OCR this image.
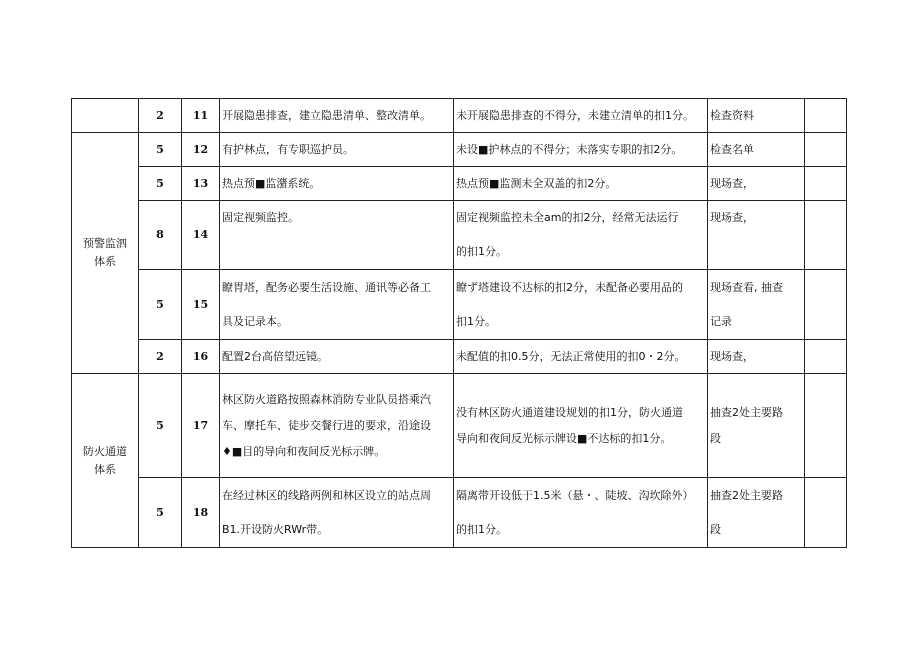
	2	11	开展隐患排查，建立隐患清单、整改清单。	未开展隐患排查的不得分，未建立清单的扣1分。	检查资料	

预警监泗
体系	5	12	有护林点，有专职巡护员。	未设■护林点的不得分；未落实专职的扣2分。	检查名单	

	5	13	热点预■监潴系统。	热点预■监测未全双盖的扣2分。	现场查，	

	8	14	固定视频监控。	固定视频监控未全am的扣2分，经常无法运行
的扣1分。	现场查，	

	5	15	瞭胃塔，配务必要生活设施、通讯等必备工
具及记录本。	瞭ず塔建设不达标的扣2分，未配备必要用品的
扣1分。	现场查看, 抽查
记录	

	2	16	配置2台高倍望远镜。	未配值的扣0.5分，无法正常使用的扣0・2分。	现场查，	

防火通道
体系	5	17	林区防火道路按照森林消防专业队员搭乘汽
车、摩托车、徒步交餐行进的要求，沿途设
♦■目的导向和夜间反光标示牌。	没有林区防火通道建设规划的扣1分，防火通道
导向和夜间反光标示牌设■不达标的扣1分。	抽查2处主要路
段	

	5	18	在经过林区的线路两例和林区设立的站点周
B1.开设防火RWr带。	隔离带开设低于1.5米（悬・、陡坡、沟坎除外）
的扣1分。	抽查2处主要路
段	
